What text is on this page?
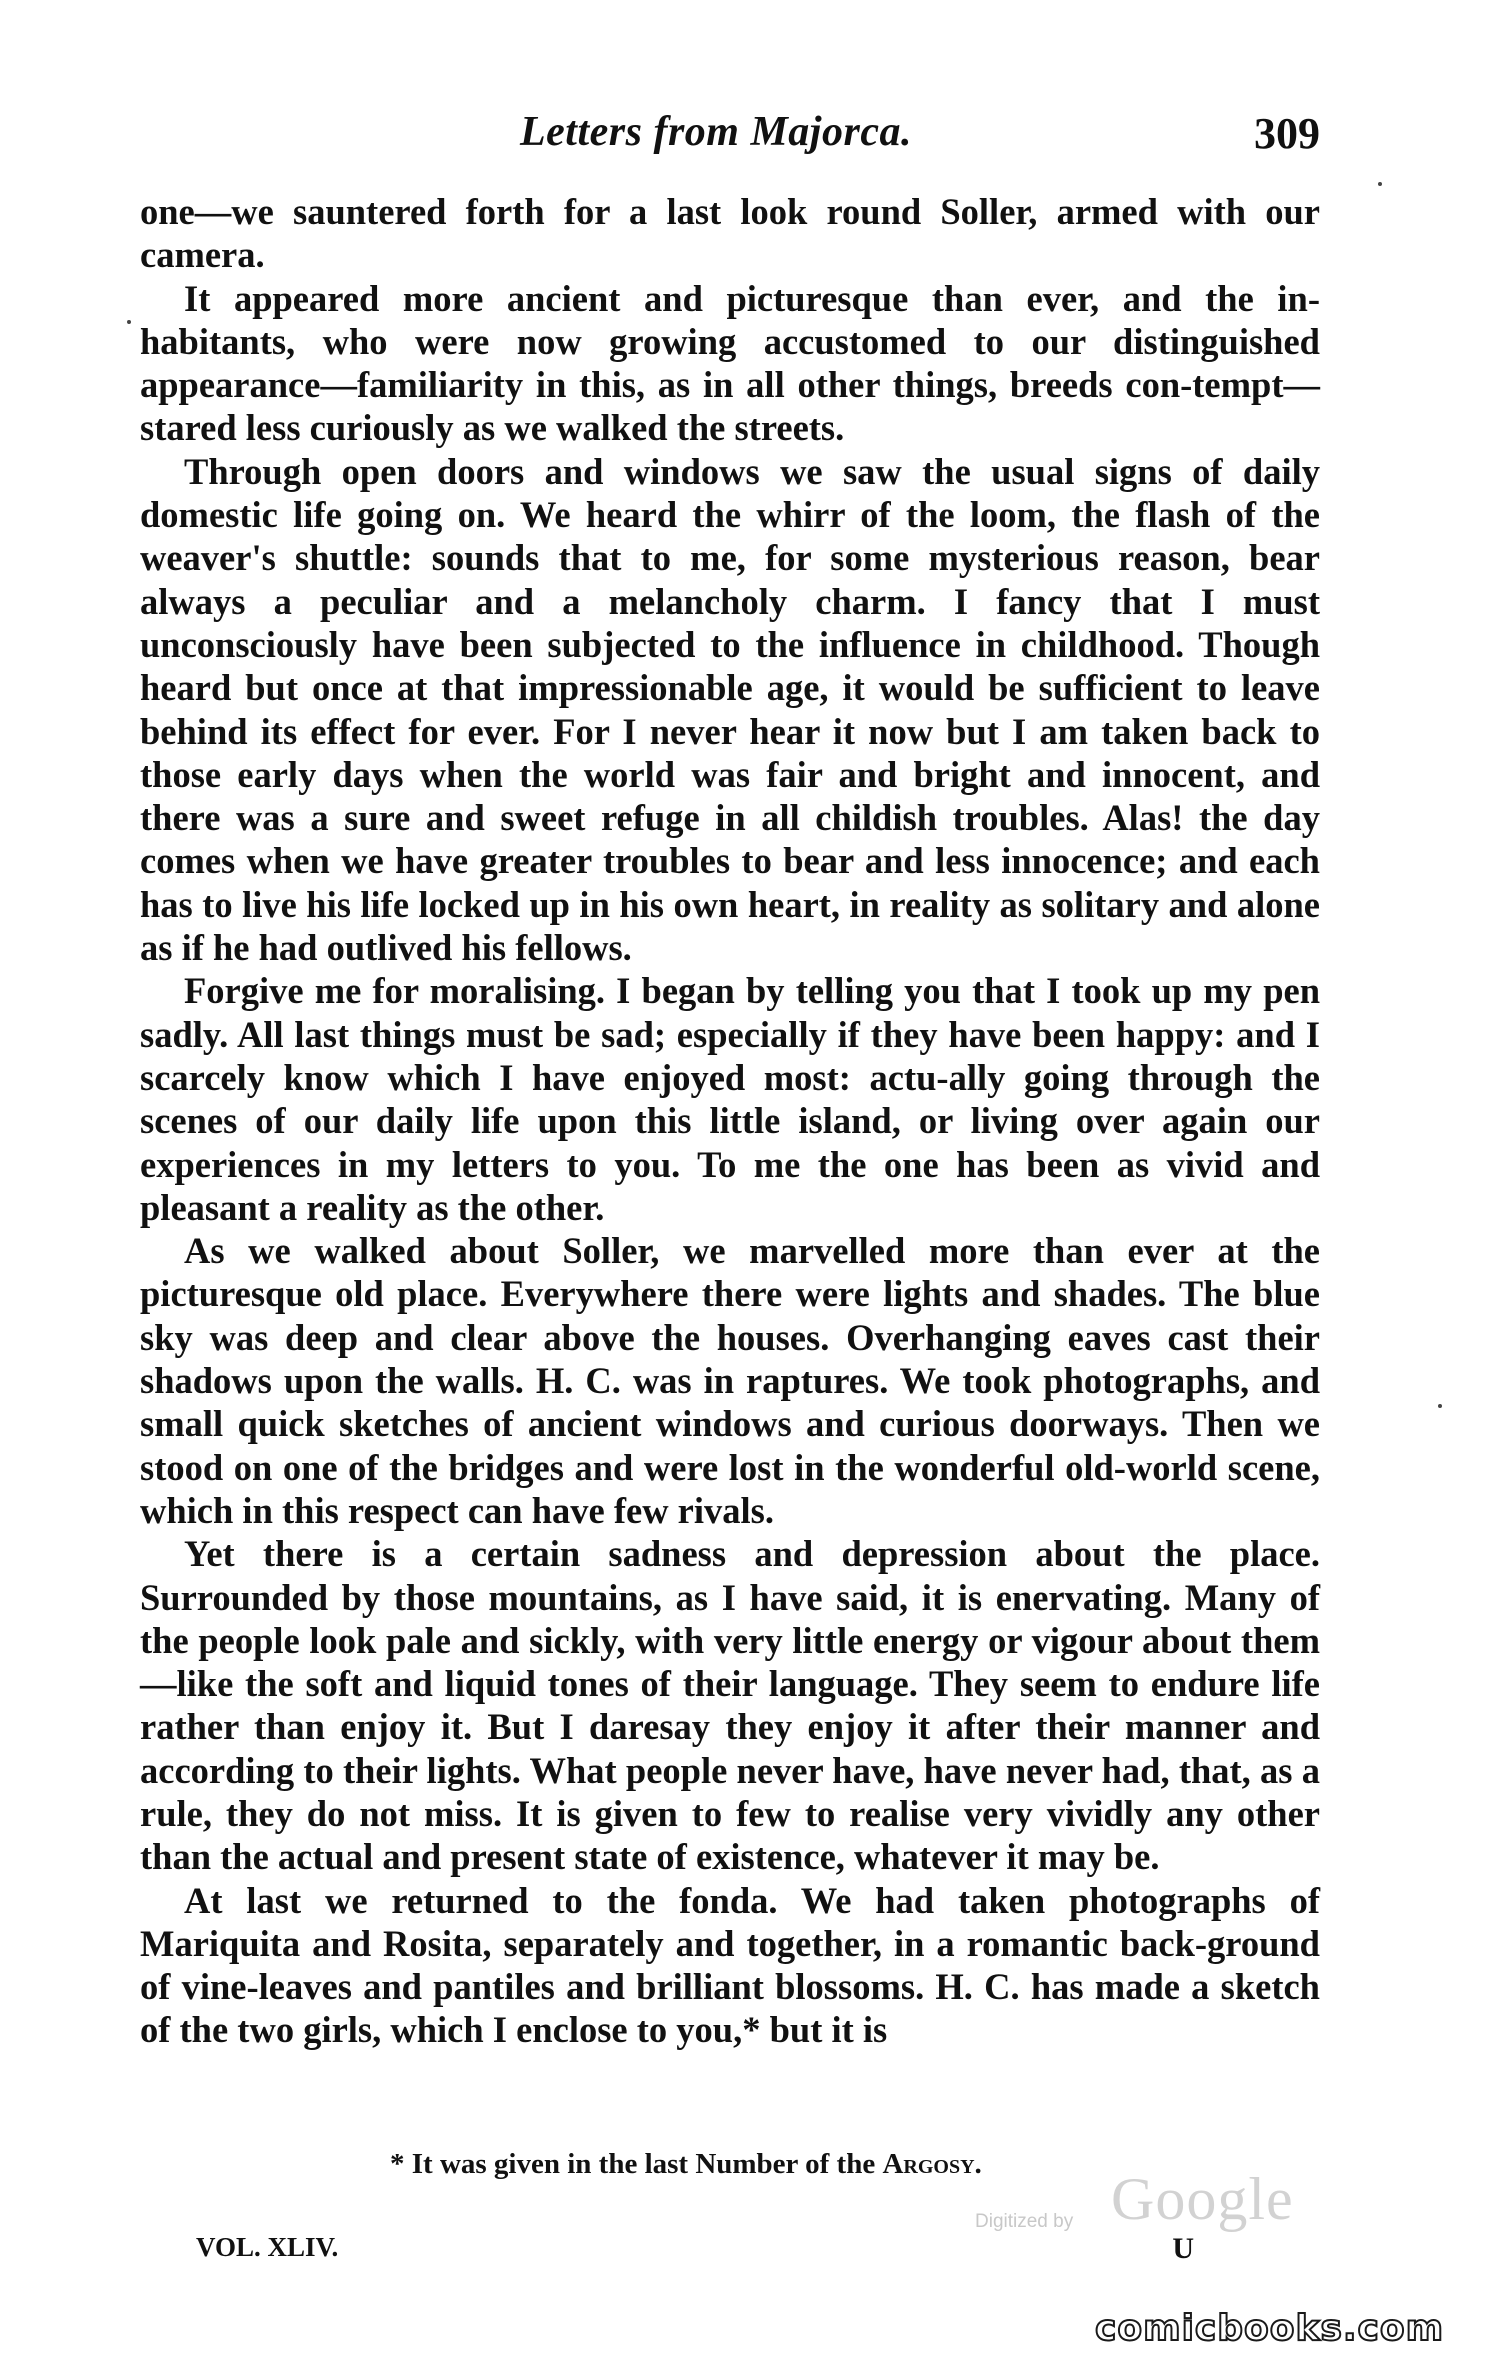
Letters from Majorca.	309

one—we sauntered forth for a last look round Soller, armed with our camera.

It appeared more ancient and picturesque than ever, and the in-habitants, who were now growing accustomed to our distinguished appearance—familiarity in this, as in all other things, breeds con-tempt—stared less curiously as we walked the streets.

Through open doors and windows we saw the usual signs of daily domestic life going on. We heard the whirr of the loom, the flash of the weaver's shuttle: sounds that to me, for some mysterious reason, bear always a peculiar and a melancholy charm. I fancy that I must unconsciously have been subjected to the influence in childhood. Though heard but once at that impressionable age, it would be sufficient to leave behind its effect for ever. For I never hear it now but I am taken back to those early days when the world was fair and bright and innocent, and there was a sure and sweet refuge in all childish troubles. Alas! the day comes when we have greater troubles to bear and less innocence; and each has to live his life locked up in his own heart, in reality as solitary and alone as if he had outlived his fellows.

Forgive me for moralising. I began by telling you that I took up my pen sadly. All last things must be sad; especially if they have been happy: and I scarcely know which I have enjoyed most: actu-ally going through the scenes of our daily life upon this little island, or living over again our experiences in my letters to you. To me the one has been as vivid and pleasant a reality as the other.

As we walked about Soller, we marvelled more than ever at the picturesque old place. Everywhere there were lights and shades. The blue sky was deep and clear above the houses. Overhanging eaves cast their shadows upon the walls. H. C. was in raptures. We took photographs, and small quick sketches of ancient windows and curious doorways. Then we stood on one of the bridges and were lost in the wonderful old-world scene, which in this respect can have few rivals.

Yet there is a certain sadness and depression about the place. Surrounded by those mountains, as I have said, it is enervating. Many of the people look pale and sickly, with very little energy or vigour about them—like the soft and liquid tones of their language. They seem to endure life rather than enjoy it. But I daresay they enjoy it after their manner and according to their lights. What people never have, have never had, that, as a rule, they do not miss. It is given to few to realise very vividly any other than the actual and present state of existence, whatever it may be.

At last we returned to the fonda. We had taken photographs of Mariquita and Rosita, separately and together, in a romantic back-ground of vine-leaves and pantiles and brilliant blossoms. H. C. has made a sketch of the two girls, which I enclose to you,* but it is

* It was given in the last Number of the Argosy.
VOL. XLIV.	U
Digitized by Google
comicbooks.com
